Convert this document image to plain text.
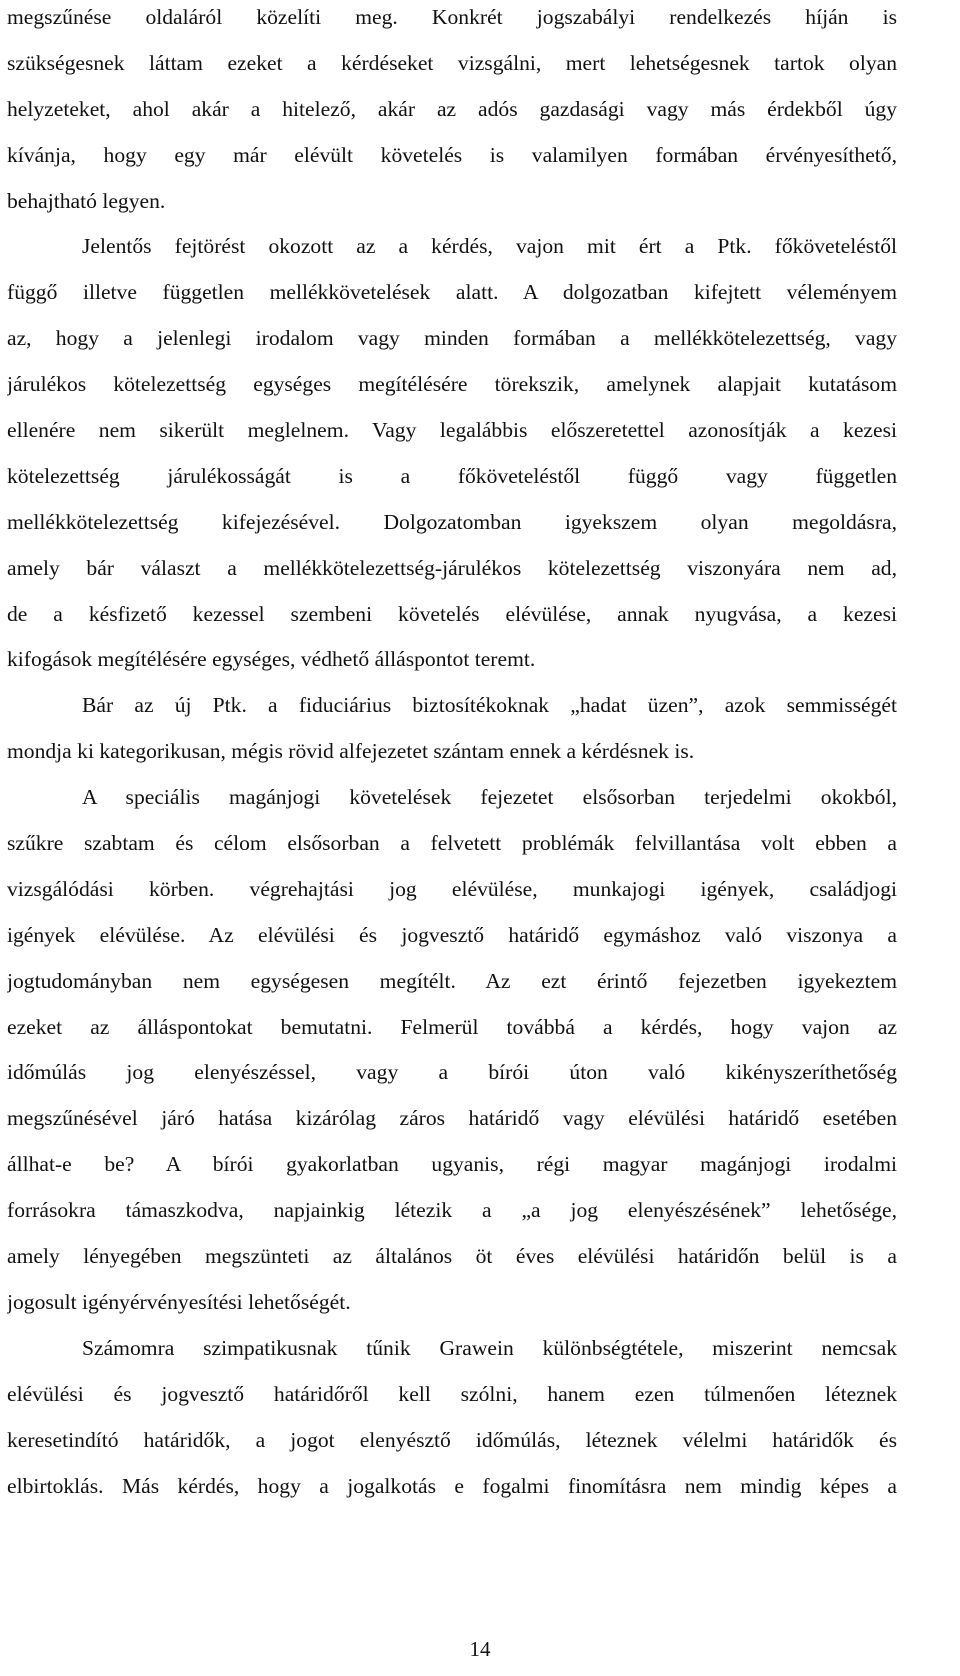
megszűnése oldaláról közelíti meg. Konkrét jogszabályi rendelkezés híján is
szükségesnek láttam ezeket a kérdéseket vizsgálni, mert lehetségesnek tartok olyan
helyzeteket, ahol akár a hitelező, akár az adós gazdasági vagy más érdekből úgy
kívánja, hogy egy már elévült követelés is valamilyen formában érvényesíthető,
behajtható legyen.
Jelentős fejtörést okozott az a kérdés, vajon mit ért a Ptk. főköveteléstől
függő illetve független mellékkövetelések alatt. A dolgozatban kifejtett véleményem
az, hogy a jelenlegi irodalom vagy minden formában a mellékkötelezettség, vagy
járulékos kötelezettség egységes megítélésére törekszik, amelynek alapjait kutatásom
ellenére nem sikerült meglelnem. Vagy legalábbis előszeretettel azonosítják a kezesi
kötelezettség járulékosságát is a főköveteléstől függő vagy független
mellékkötelezettség kifejezésével. Dolgozatomban igyekszem olyan megoldásra,
amely bár választ a mellékkötelezettség-járulékos kötelezettség viszonyára nem ad,
de a késfizető kezessel szembeni követelés elévülése, annak nyugvása, a kezesi
kifogások megítélésére egységes, védhető álláspontot teremt.
Bár az új Ptk. a fiduciárius biztosítékoknak „hadat üzen”, azok semmisségét
mondja ki kategorikusan, mégis rövid alfejezetet szántam ennek a kérdésnek is.
A speciális magánjogi követelések fejezetet elsősorban terjedelmi okokból,
szűkre szabtam és célom elsősorban a felvetett problémák felvillantása volt ebben a
vizsgálódási körben. végrehajtási jog elévülése, munkajogi igények, családjogi
igények elévülése. Az elévülési és jogvesztő határidő egymáshoz való viszonya a
jogtudományban nem egységesen megítélt. Az ezt érintő fejezetben igyekeztem
ezeket az álláspontokat bemutatni. Felmerül továbbá a kérdés, hogy vajon az
időmúlás jog elenyészéssel, vagy a bírói úton való kikényszeríthetőség
megszűnésével járó hatása kizárólag záros határidő vagy elévülési határidő esetében
állhat-e be? A bírói gyakorlatban ugyanis, régi magyar magánjogi irodalmi
forrásokra támaszkodva, napjainkig létezik a „a jog elenyészésének” lehetősége,
amely lényegében megszünteti az általános öt éves elévülési határidőn belül is a
jogosult igényérvényesítési lehetőségét.
Számomra szimpatikusnak tűnik Grawein különbségtétele, miszerint nemcsak
elévülési és jogvesztő határidőről kell szólni, hanem ezen túlmenően léteznek
keresetindító határidők, a jogot elenyésztő időmúlás, léteznek vélelmi határidők és
elbirtoklás. Más kérdés, hogy a jogalkotás e fogalmi finomításra nem mindig képes a
14
